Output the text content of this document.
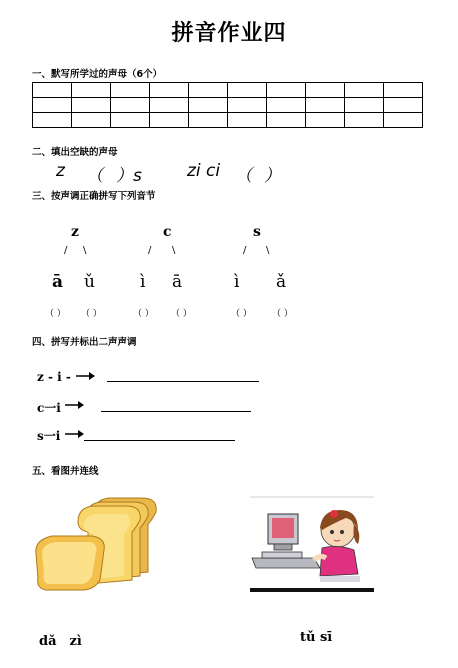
拼音作业四
一、默写所学过的声母（6个）

二、填出空缺的声母
z （ ）s	zi ci （ ）
三、按声调正确拼写下列音节
z	c	s
/ \	/ \	/ \
ā ǔ	ì ā	ì ǎ
（ ） （ ）	（ ） （ ）	（ ） （ ）
四、拼写并标出二声声调
z - i -
c一i
s一i
五、看图并连线
dǎ　zì	tǔ sī
